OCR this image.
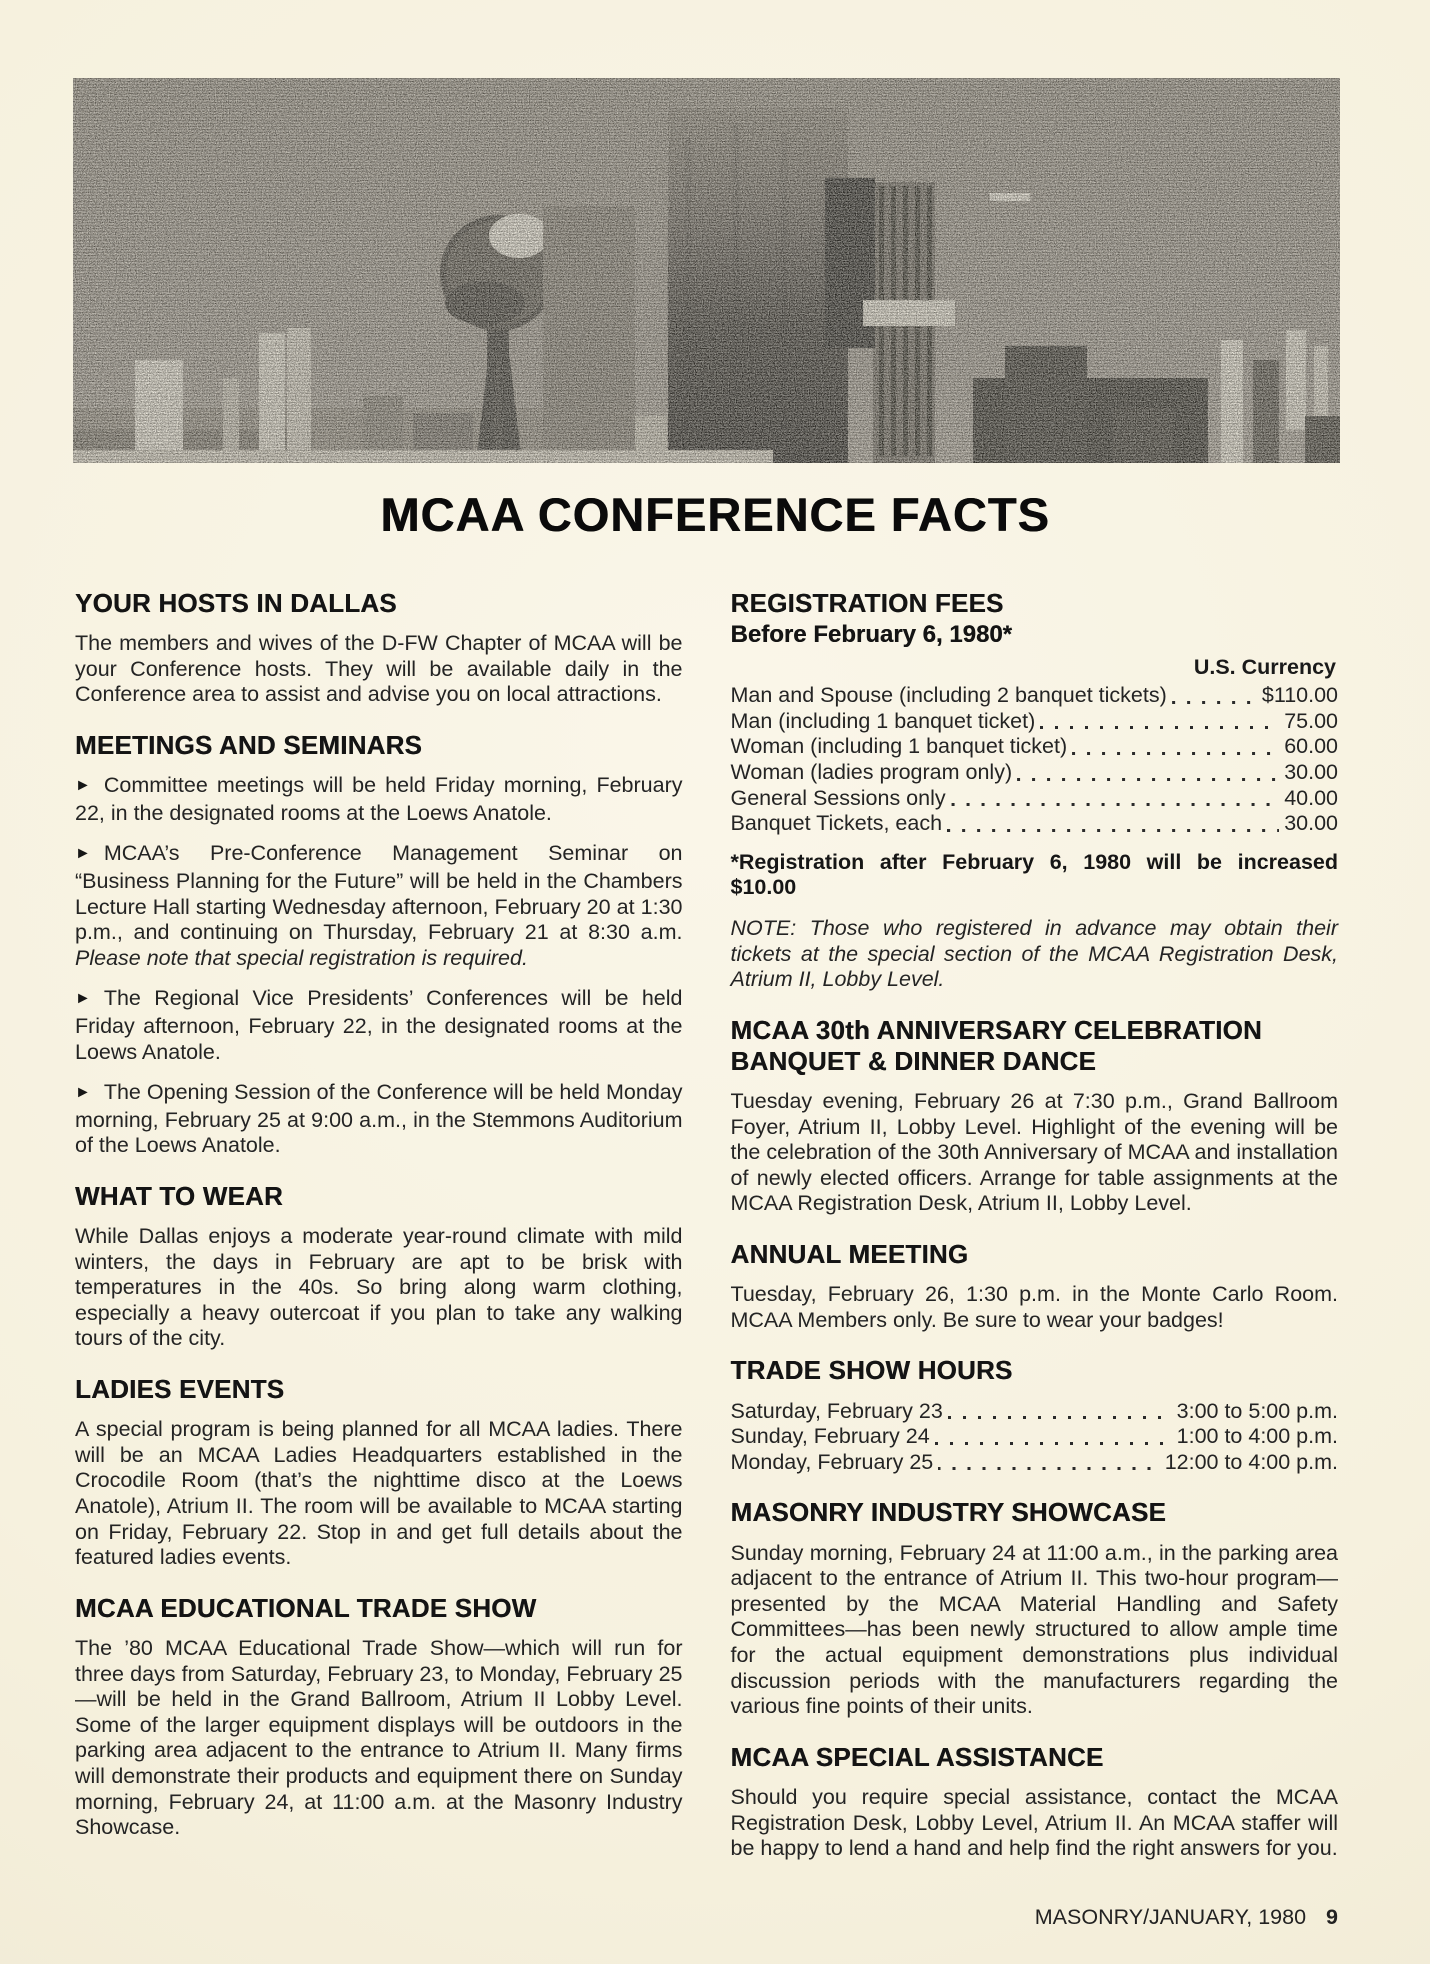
MCAA CONFERENCE FACTS
YOUR HOSTS IN DALLAS

The members and wives of the D-FW Chapter of MCAA will be your Conference hosts. They will be available daily in the Conference area to assist and advise you on local attractions.

MEETINGS AND SEMINARS

► Committee meetings will be held Friday morning, February 22, in the designated rooms at the Loews Anatole.

► MCAA’s Pre-Conference Management Seminar on “Business Planning for the Future” will be held in the Chambers Lecture Hall starting Wednesday afternoon, February 20 at 1:30 p.m., and continuing on Thursday, February 21 at 8:30 a.m. Please note that special registration is required.

► The Regional Vice Presidents’ Conferences will be held Friday afternoon, February 22, in the designated rooms at the Loews Anatole.

► The Opening Session of the Conference will be held Monday morning, February 25 at 9:00 a.m., in the Stemmons Auditorium of the Loews Anatole.

WHAT TO WEAR

While Dallas enjoys a moderate year-round climate with mild winters, the days in February are apt to be brisk with temperatures in the 40s. So bring along warm clothing, especially a heavy outercoat if you plan to take any walking tours of the city.

LADIES EVENTS

A special program is being planned for all MCAA ladies. There will be an MCAA Ladies Headquarters established in the Crocodile Room (that’s the nighttime disco at the Loews Anatole), Atrium II. The room will be available to MCAA starting on Friday, February 22. Stop in and get full details about the featured ladies events.

MCAA EDUCATIONAL TRADE SHOW

The ’80 MCAA Educational Trade Show—which will run for three days from Saturday, February 23, to Monday, February 25—will be held in the Grand Ballroom, Atrium II Lobby Level. Some of the larger equipment displays will be outdoors in the parking area adjacent to the entrance to Atrium II. Many firms will demonstrate their products and equipment there on Sunday morning, February 24, at 11:00 a.m. at the Masonry Industry Showcase.

REGISTRATION FEES
Before February 6, 1980*
U.S. Currency
Man and Spouse (including 2 banquet tickets)	$110.00
Man (including 1 banquet ticket)	75.00
Woman (including 1 banquet ticket)	60.00
Woman (ladies program only)	30.00
General Sessions only	40.00
Banquet Tickets, each	30.00

*Registration after February 6, 1980 will be increased $10.00

NOTE: Those who registered in advance may obtain their tickets at the special section of the MCAA Registration Desk, Atrium II, Lobby Level.

MCAA 30th ANNIVERSARY CELEBRATION
BANQUET & DINNER DANCE

Tuesday evening, February 26 at 7:30 p.m., Grand Ballroom Foyer, Atrium II, Lobby Level. Highlight of the evening will be the celebration of the 30th Anniversary of MCAA and installation of newly elected officers. Arrange for table assignments at the MCAA Registration Desk, Atrium II, Lobby Level.

ANNUAL MEETING

Tuesday, February 26, 1:30 p.m. in the Monte Carlo Room. MCAA Members only. Be sure to wear your badges!

TRADE SHOW HOURS
Saturday, February 23	3:00 to 5:00 p.m.
Sunday, February 24	1:00 to 4:00 p.m.
Monday, February 25	12:00 to 4:00 p.m.
MASONRY INDUSTRY SHOWCASE

Sunday morning, February 24 at 11:00 a.m., in the parking area adjacent to the entrance of Atrium II. This two-hour program—presented by the MCAA Material Handling and Safety Committees—has been newly structured to allow ample time for the actual equipment demonstrations plus individual discussion periods with the manufacturers regarding the various fine points of their units.

MCAA SPECIAL ASSISTANCE

Should you require special assistance, contact the MCAA Registration Desk, Lobby Level, Atrium II. An MCAA staffer will be happy to lend a hand and help find the right answers for you.

MASONRY/JANUARY, 1980 9
